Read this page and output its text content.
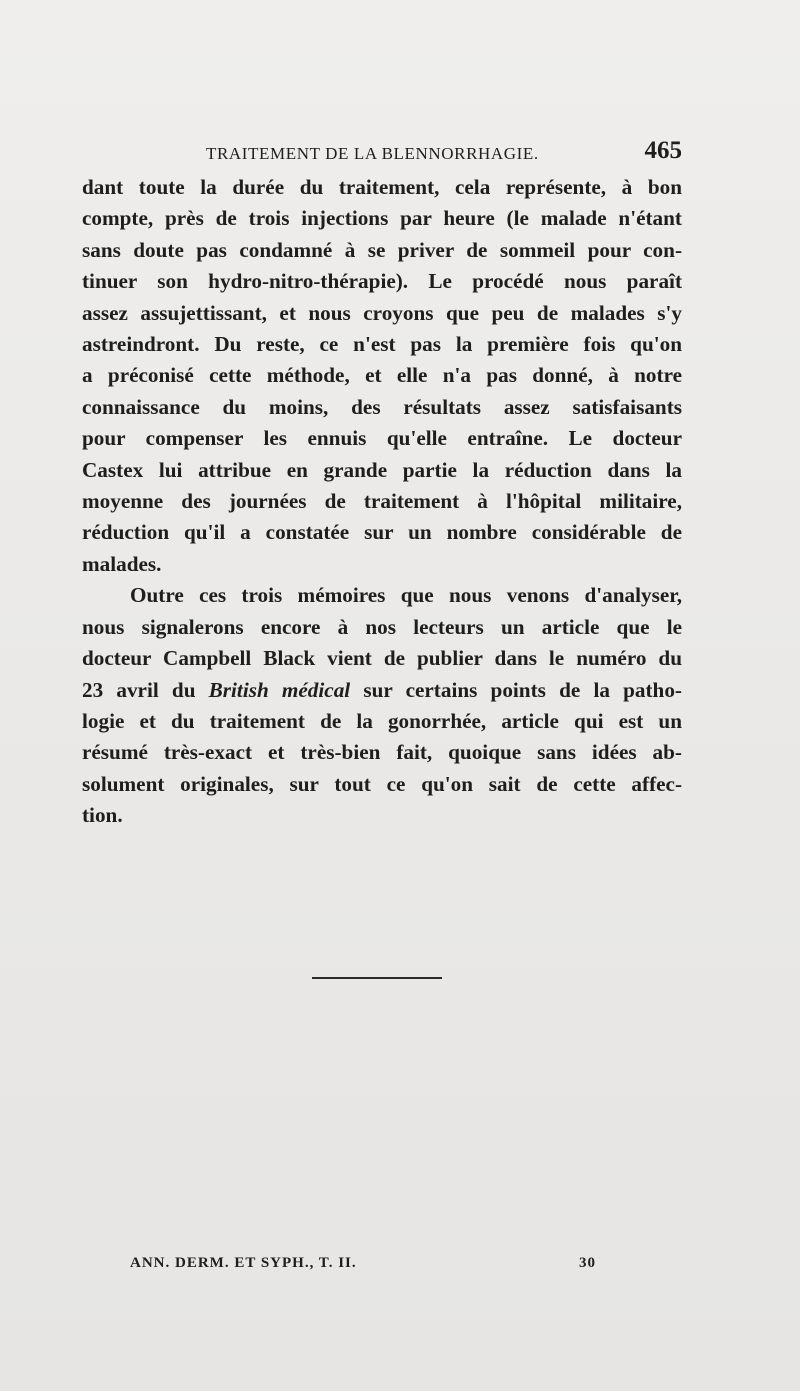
TRAITEMENT DE LA BLENNORRHAGIE.	465

dant toute la durée du traitement, cela représente, à bon

compte, près de trois injections par heure (le malade n'étant

sans doute pas condamné à se priver de sommeil pour con-

tinuer son hydro-nitro-thérapie). Le procédé nous paraît

assez assujettissant, et nous croyons que peu de malades s'y

astreindront. Du reste, ce n'est pas la première fois qu'on

a préconisé cette méthode, et elle n'a pas donné, à notre

connaissance du moins, des résultats assez satisfaisants

pour compenser les ennuis qu'elle entraîne. Le docteur

Castex lui attribue en grande partie la réduction dans la

moyenne des journées de traitement à l'hôpital militaire,

réduction qu'il a constatée sur un nombre considérable de

malades.

Outre ces trois mémoires que nous venons d'analyser,

nous signalerons encore à nos lecteurs un article que le

docteur Campbell Black vient de publier dans le numéro du

23 avril du British médical sur certains points de la patho-

logie et du traitement de la gonorrhée, article qui est un

résumé très-exact et très-bien fait, quoique sans idées ab-

solument originales, sur tout ce qu'on sait de cette affec-

tion.

ANN. DERM. ET SYPH., T. II.	30
